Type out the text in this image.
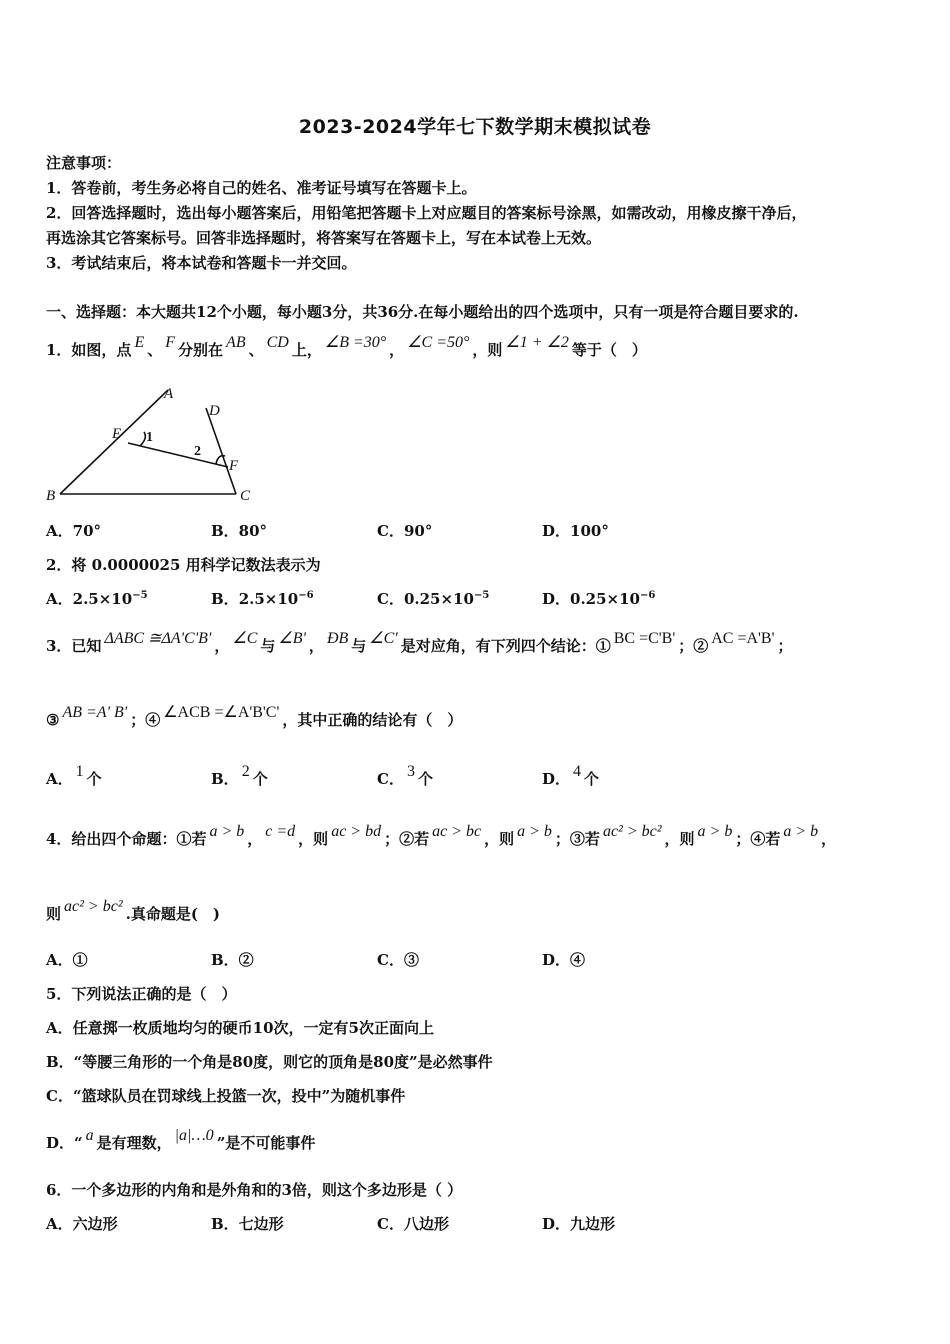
2023-2024学年七下数学期末模拟试卷
注意事项：
1．答卷前，考生务必将自己的姓名、准考证号填写在答题卡上。
2．回答选择题时，选出每小题答案后，用铅笔把答题卡上对应题目的答案标号涂黑，如需改动，用橡皮擦干净后，
再选涂其它答案标号。回答非选择题时，将答案写在答题卡上，写在本试卷上无效。
3．考试结束后，将本试卷和答题卡一并交回。
一、选择题：本大题共12个小题，每小题3分，共36分.在每小题给出的四个选项中，只有一项是符合题目要求的.
1．如图，点 E 、 F 分别在 AB 、 CD 上， ∠B =30° ， ∠C =50° ，则 ∠1 + ∠2 等于（　）
A
B	C
D
E
F
1
2
A．70°	B．80°	C．90°	D．100°
2．将 0.0000025 用科学记数法表示为
A．$2.5\times 10^{-5}$	B．$2.5\times 10^{-6}$	C．$0.25\times 10^{-5}$	D．$0.25\times 10^{-6}$
3．已知 ΔABC ≅ΔA'C'B' ， ∠C 与 ∠B' ， ÐB 与 ∠C' 是对应角，有下列四个结论：① BC =C'B' ；② AC =A'B' ；
③ AB =A' B' ；④ ∠ACB =∠A'B'C' ，其中正确的结论有（　）
A． 1 个	B． 2 个	C． 3 个	D． 4 个
4．给出四个命题：①若 a > b ， c =d ，则 ac > bd ；②若 ac > bc ，则 a > b ；③若 ac² > bc² ，则 a > b ；④若 a > b ，
则 ac² > bc² .真命题是(　)
A．①	B．②	C．③	D．④
5．下列说法正确的是（　）
A．任意掷一枚质地均匀的硬币10次，一定有5次正面向上
B．“等腰三角形的一个角是80度，则它的顶角是80度”是必然事件
C．“篮球队员在罚球线上投篮一次，投中”为随机事件
D．“ a 是有理数， |a|…0 ”是不可能事件
6．一个多边形的内角和是外角和的3倍，则这个多边形是（ ）
A．六边形	B．七边形	C．八边形	D．九边形
